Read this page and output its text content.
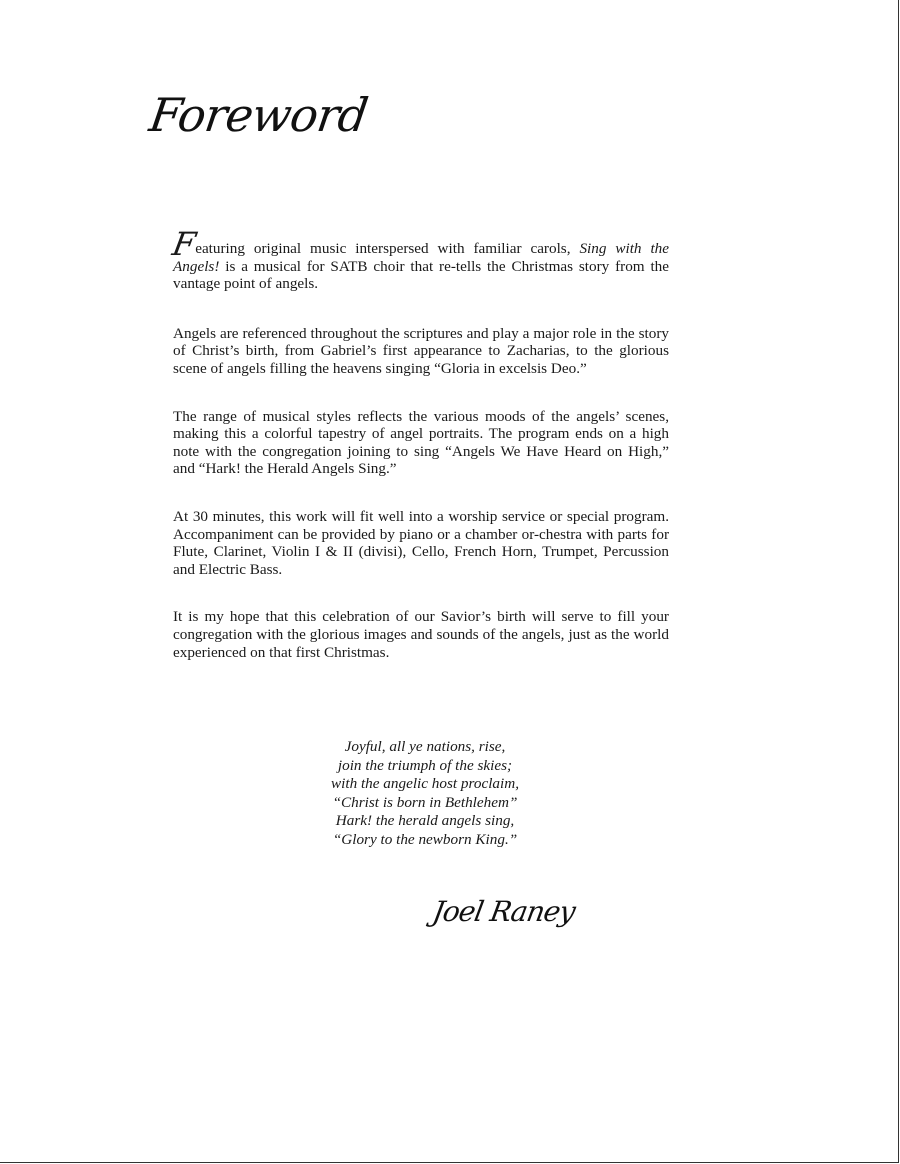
Foreword

Featuring original music interspersed with familiar carols, Sing with the Angels! is a musical for SATB choir that re-tells the Christmas story from the vantage point of angels.

Angels are referenced throughout the scriptures and play a major role in the story of Christ’s birth, from Gabriel’s first appearance to Zacharias, to the glorious scene of angels filling the heavens singing “Gloria in excelsis Deo.”

The range of musical styles reflects the various moods of the angels’ scenes, making this a colorful tapestry of angel portraits. The program ends on a high note with the congregation joining to sing “Angels We Have Heard on High,” and “Hark! the Herald Angels Sing.”

At 30 minutes, this work will fit well into a worship service or special program. Accompaniment can be provided by piano or a chamber or-chestra with parts for Flute, Clarinet, Violin I & II (divisi), Cello, French Horn, Trumpet, Percussion and Electric Bass.

It is my hope that this celebration of our Savior’s birth will serve to fill your congregation with the glorious images and sounds of the angels, just as the world experienced on that first Christmas.

Joyful, all ye nations, rise,
join the triumph of the skies;
with the angelic host proclaim,
“Christ is born in Bethlehem”
Hark! the herald angels sing,
“Glory to the newborn King.”
Joel Raney
